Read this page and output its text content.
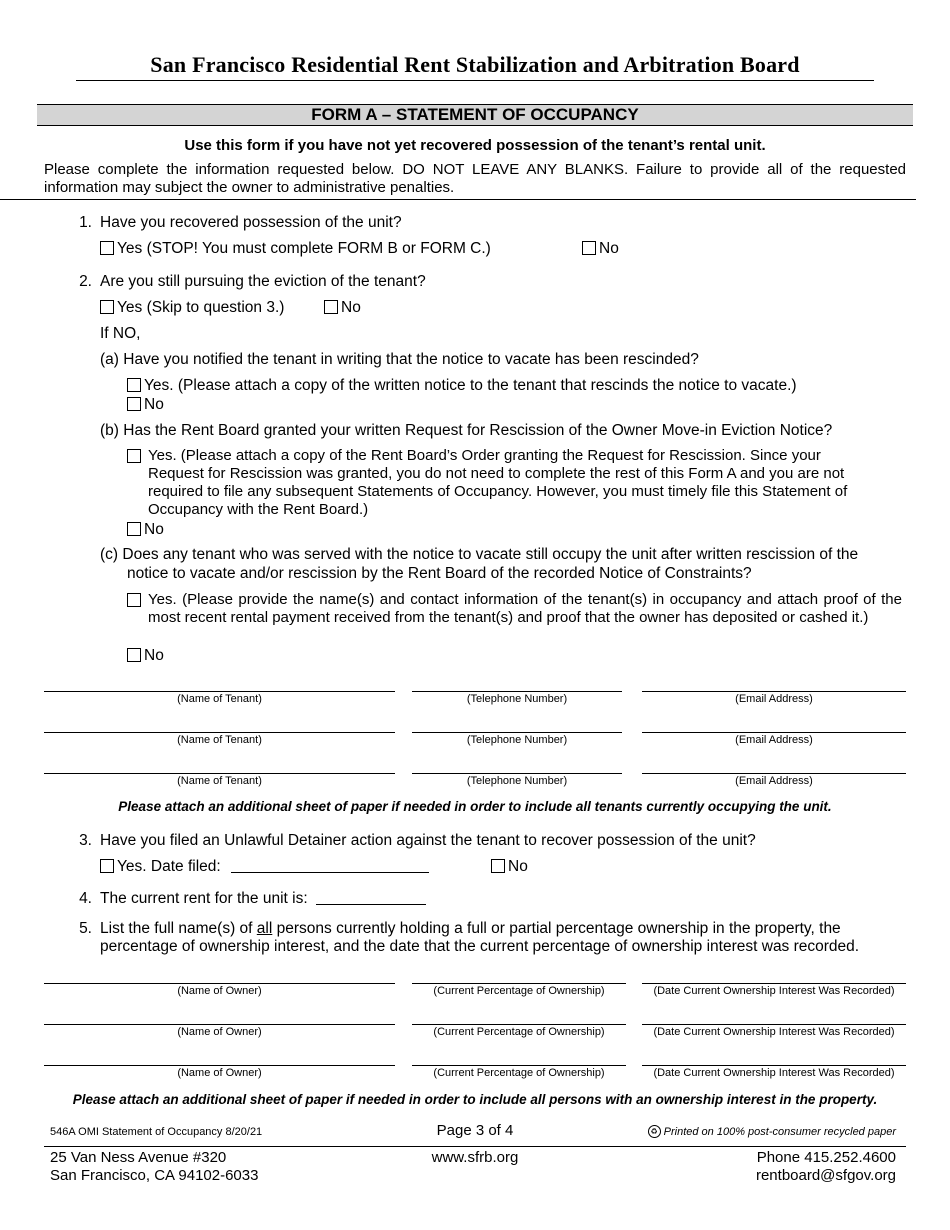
San Francisco Residential Rent Stabilization and Arbitration Board
FORM A – STATEMENT OF OCCUPANCY
Use this form if you have not yet recovered possession of the tenant’s rental unit.
Please complete the information requested below. DO NOT LEAVE ANY BLANKS. Failure to provide all of the requested information may subject the owner to administrative penalties.
1. Have you recovered possession of the unit?
Yes (STOP! You must complete FORM B or FORM C.)	No
2. Are you still pursuing the eviction of the tenant?
Yes (Skip to question 3.)	No
If NO,
(a) Have you notified the tenant in writing that the notice to vacate has been rescinded?
Yes. (Please attach a copy of the written notice to the tenant that rescinds the notice to vacate.)
No
(b) Has the Rent Board granted your written Request for Rescission of the Owner Move-in Eviction Notice?
Yes. (Please attach a copy of the Rent Board’s Order granting the Request for Rescission. Since your Request for Rescission was granted, you do not need to complete the rest of this Form A and you are not required to file any subsequent Statements of Occupancy. However, you must timely file this Statement of Occupancy with the Rent Board.)
No
(c) Does any tenant who was served with the notice to vacate still occupy the unit after written rescission of the
notice to vacate and/or rescission by the Rent Board of the recorded Notice of Constraints?
Yes. (Please provide the name(s) and contact information of the tenant(s) in occupancy and attach proof of the most recent rental payment received from the tenant(s) and proof that the owner has deposited or cashed it.)
No
(Name of Tenant)	(Telephone Number)	(Email Address)
(Name of Tenant)	(Telephone Number)	(Email Address)
(Name of Tenant)	(Telephone Number)	(Email Address)
Please attach an additional sheet of paper if needed in order to include all tenants currently occupying the unit.
3. Have you filed an Unlawful Detainer action against the tenant to recover possession of the unit?
Yes. Date filed:	No
4. The current rent for the unit is:
5. List the full name(s) of all persons currently holding a full or partial percentage ownership in the property, the percentage of ownership interest, and the date that the current percentage of ownership interest was recorded.
(Name of Owner)	(Current Percentage of Ownership)	(Date Current Ownership Interest Was Recorded)
(Name of Owner)	(Current Percentage of Ownership)	(Date Current Ownership Interest Was Recorded)
(Name of Owner)	(Current Percentage of Ownership)	(Date Current Ownership Interest Was Recorded)
Please attach an additional sheet of paper if needed in order to include all persons with an ownership interest in the property.
546A OMI Statement of Occupancy 8/20/21	Page 3 of 4	♻ Printed on 100% post-consumer recycled paper
25 Van Ness Avenue #320
San Francisco, CA 94102-6033
www.sfrb.org	Phone 415.252.4600
rentboard@sfgov.org
